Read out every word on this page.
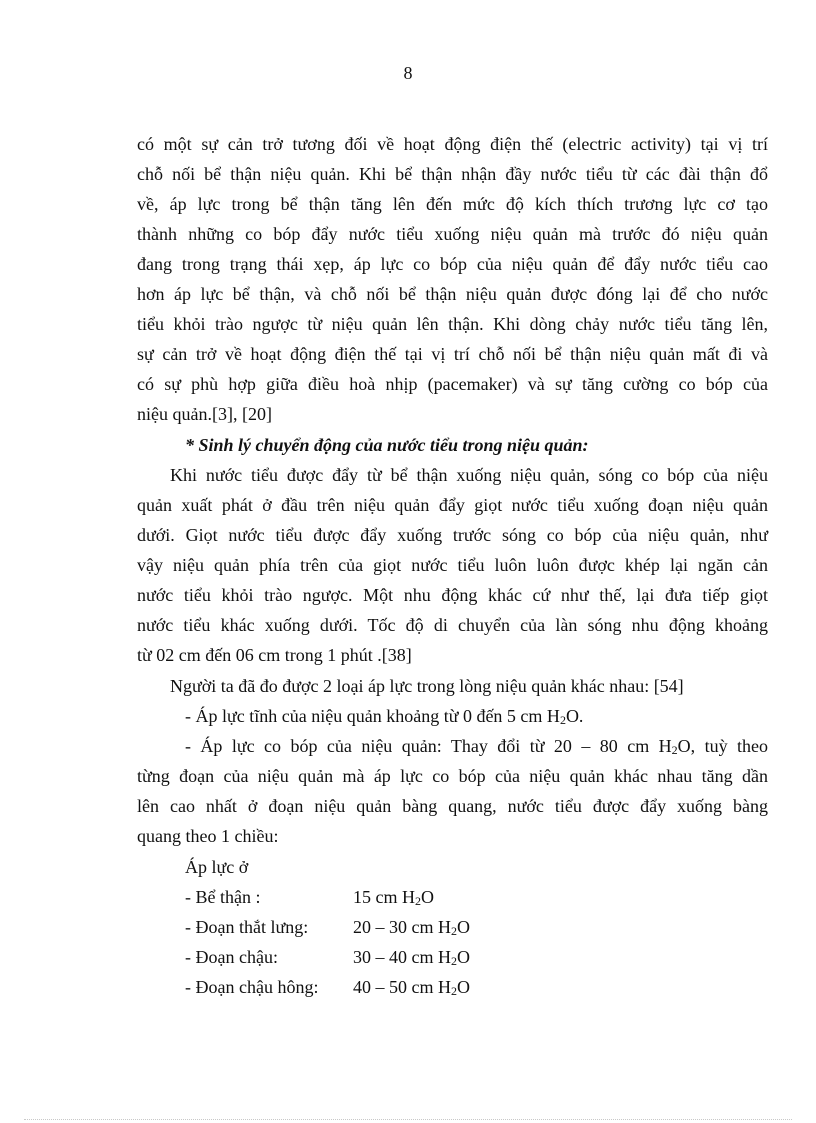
8
có một sự cản trở tương đối về hoạt động điện thế (electric activity) tại vị trí
chỗ nối bể thận niệu quản. Khi bể thận nhận đầy nước tiểu từ các đài thận đổ
về, áp lực trong bể thận tăng lên đến mức độ kích thích trương lực cơ tạo
thành những co bóp đẩy nước tiểu xuống niệu quản mà trước đó niệu quản
đang trong trạng thái xẹp, áp lực co bóp của niệu quản để đẩy nước tiểu cao
hơn áp lực bể thận, và chỗ nối bể thận niệu quản được đóng lại để cho nước
tiểu khỏi trào ngược từ niệu quản lên thận. Khi dòng chảy nước tiểu tăng lên,
sự cản trở về hoạt động điện thế tại vị trí chỗ nối bể thận niệu quản mất đi và
có sự phù hợp giữa điều hoà nhịp (pacemaker) và sự tăng cường co bóp của
niệu quản.[3], [20]
* Sinh lý chuyển động của nước tiểu trong niệu quản:
Khi nước tiểu được đẩy từ bể thận xuống niệu quản, sóng co bóp của niệu
quản xuất phát ở đầu trên niệu quản đẩy giọt nước tiểu xuống đoạn niệu quản
dưới. Giọt nước tiểu được đẩy xuống trước sóng co bóp của niệu quản, như
vậy niệu quản phía trên của giọt nước tiểu luôn luôn được khép lại ngăn cản
nước tiểu khỏi trào ngược. Một nhu động khác cứ như thế, lại đưa tiếp giọt
nước tiểu khác xuống dưới. Tốc độ di chuyển của làn sóng nhu động khoảng
từ 02 cm đến 06 cm trong 1 phút .[38]
Người ta đã đo được 2 loại áp lực trong lòng niệu quản khác nhau: [54]
- Áp lực tĩnh của niệu quản khoảng từ 0 đến 5 cm H2O.
- Áp lực co bóp của niệu quản: Thay đổi từ 20 – 80 cm H2O, tuỳ theo
từng đoạn của niệu quản mà áp lực co bóp của niệu quản khác nhau tăng dần
lên cao nhất ở đoạn niệu quản bàng quang, nước tiểu được đẩy xuống bàng
quang theo 1 chiều:
Áp lực ở
- Bể thận :	15 cm H2O
- Đoạn thắt lưng: 20 – 30 cm H2O
- Đoạn chậu:	30 – 40 cm H2O
- Đoạn chậu hông: 40 – 50 cm H2O
